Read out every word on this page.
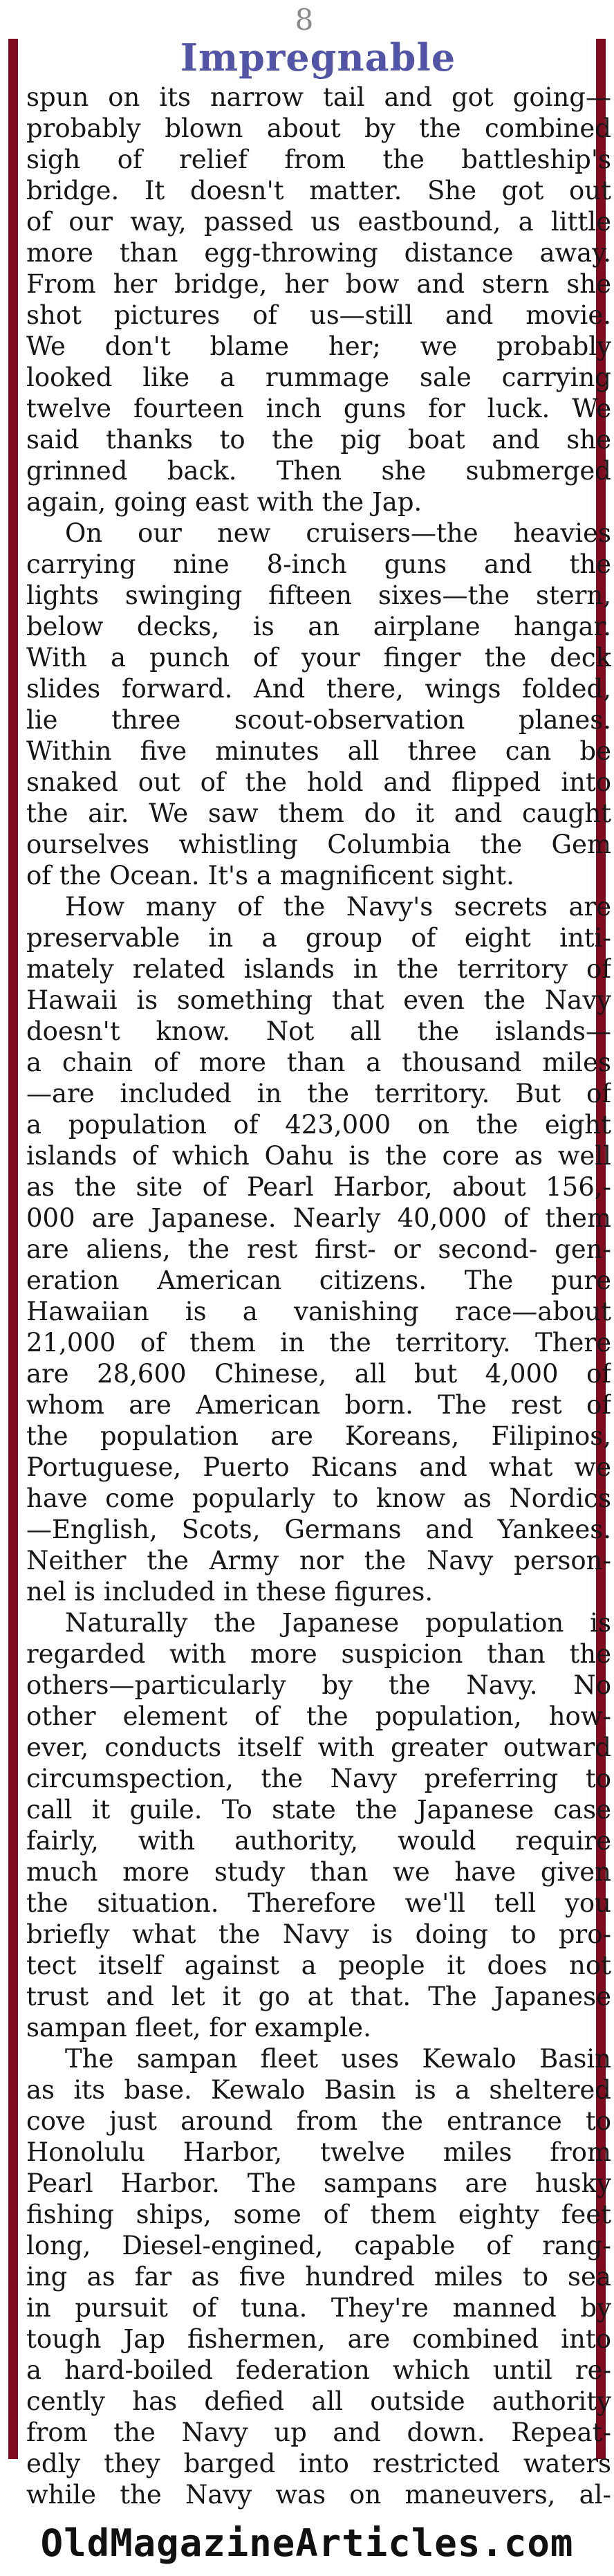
8
Impregnable
spun on its narrow tail and got going—
probably blown about by the combined
sigh of relief from the battleship's
bridge. It doesn't matter. She got out
of our way, passed us eastbound, a little
more than egg-throwing distance away.
From her bridge, her bow and stern she
shot pictures of us—still and movie.
We don't blame her; we probably
looked like a rummage sale carrying
twelve fourteen inch guns for luck. We
said thanks to the pig boat and she
grinned back. Then she submerged
again, going east with the Jap.
On our new cruisers—the heavies
carrying nine 8-inch guns and the
lights swinging fifteen sixes—the stern,
below decks, is an airplane hangar.
With a punch of your finger the deck
slides forward. And there, wings folded,
lie three scout-observation planes.
Within five minutes all three can be
snaked out of the hold and flipped into
the air. We saw them do it and caught
ourselves whistling Columbia the Gem
of the Ocean. It's a magnificent sight.
How many of the Navy's secrets are
preservable in a group of eight inti-
mately related islands in the territory of
Hawaii is something that even the Navy
doesn't know. Not all the islands—
a chain of more than a thousand miles
—are included in the territory. But of
a population of 423,000 on the eight
islands of which Oahu is the core as well
as the site of Pearl Harbor, about 156,-
000 are Japanese. Nearly 40,000 of them
are aliens, the rest first- or second- gen-
eration American citizens. The pure
Hawaiian is a vanishing race—about
21,000 of them in the territory. There
are 28,600 Chinese, all but 4,000 of
whom are American born. The rest of
the population are Koreans, Filipinos,
Portuguese, Puerto Ricans and what we
have come popularly to know as Nordics
—English, Scots, Germans and Yankees.
Neither the Army nor the Navy person-
nel is included in these figures.
Naturally the Japanese population is
regarded with more suspicion than the
others—particularly by the Navy. No
other element of the population, how-
ever, conducts itself with greater outward
circumspection, the Navy preferring to
call it guile. To state the Japanese case
fairly, with authority, would require
much more study than we have given
the situation. Therefore we'll tell you
briefly what the Navy is doing to pro-
tect itself against a people it does not
trust and let it go at that. The Japanese
sampan fleet, for example.
The sampan fleet uses Kewalo Basin
as its base. Kewalo Basin is a sheltered
cove just around from the entrance to
Honolulu Harbor, twelve miles from
Pearl Harbor. The sampans are husky
fishing ships, some of them eighty feet
long, Diesel-engined, capable of rang-
ing as far as five hundred miles to sea
in pursuit of tuna. They're manned by
tough Jap fishermen, are combined into
a hard-boiled federation which until re-
cently has defied all outside authority
from the Navy up and down. Repeat-
edly they barged into restricted waters
while the Navy was on maneuvers, al-
OldMagazineArticles.com
